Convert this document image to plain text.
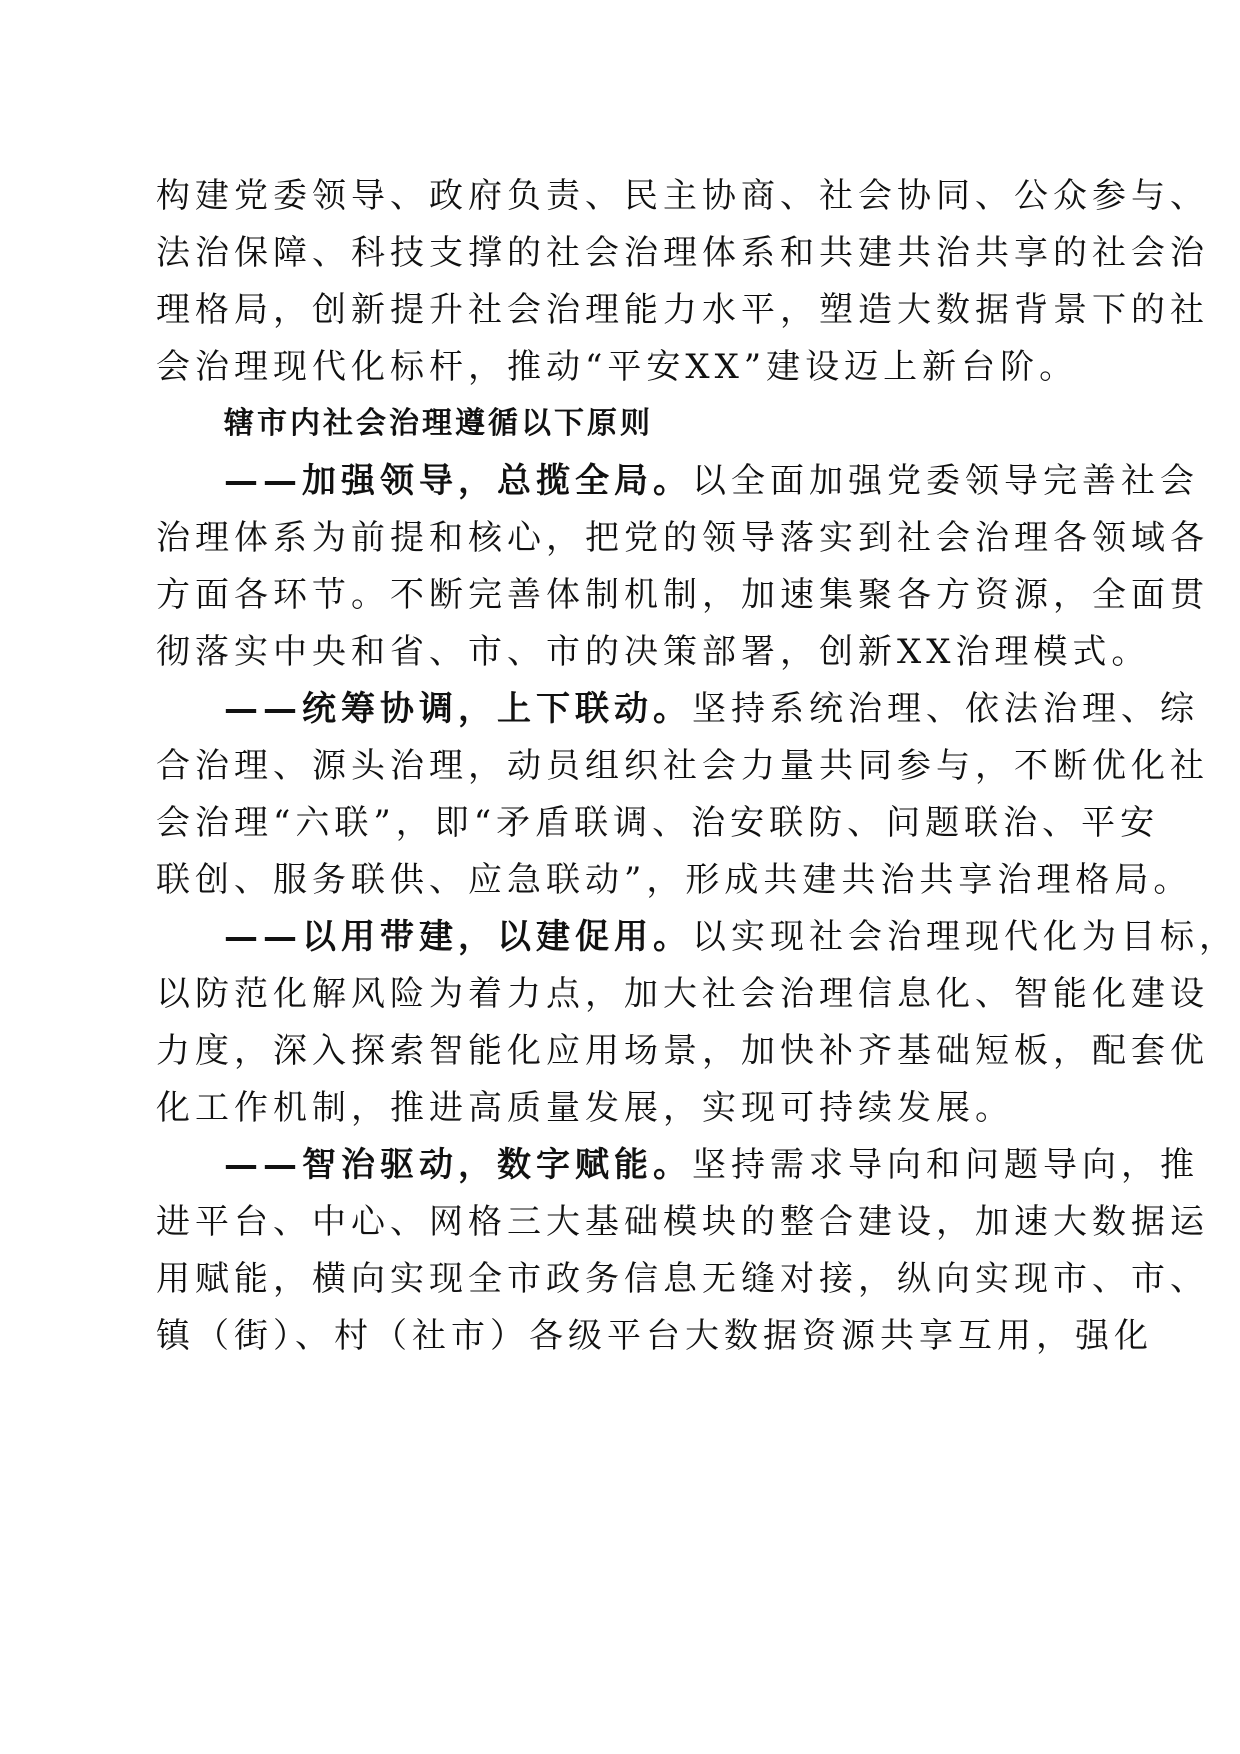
构建党委领导、政府负责、民主协商、社会协同、公众参与、
法治保障、科技支撑的社会治理体系和共建共治共享的社会治
理格局，创新提升社会治理能力水平，塑造大数据背景下的社
会治理现代化标杆，推动“平安XX”建设迈上新台阶。
辖市内社会治理遵循以下原则
——加强领导，总揽全局。以全面加强党委领导完善社会
治理体系为前提和核心，把党的领导落实到社会治理各领域各
方面各环节。不断完善体制机制，加速集聚各方资源，全面贯
彻落实中央和省、市、市的决策部署，创新XX治理模式。
——统筹协调，上下联动。坚持系统治理、依法治理、综
合治理、源头治理，动员组织社会力量共同参与，不断优化社
会治理“六联”，即“矛盾联调、治安联防、问题联治、平安
联创、服务联供、应急联动”，形成共建共治共享治理格局。
——以用带建，以建促用。以实现社会治理现代化为目标，
以防范化解风险为着力点，加大社会治理信息化、智能化建设
力度，深入探索智能化应用场景，加快补齐基础短板，配套优
化工作机制，推进高质量发展，实现可持续发展。
——智治驱动，数字赋能。坚持需求导向和问题导向，推
进平台、中心、网格三大基础模块的整合建设，加速大数据运
用赋能，横向实现全市政务信息无缝对接，纵向实现市、市、
镇（街）、村（社市）各级平台大数据资源共享互用，强化
